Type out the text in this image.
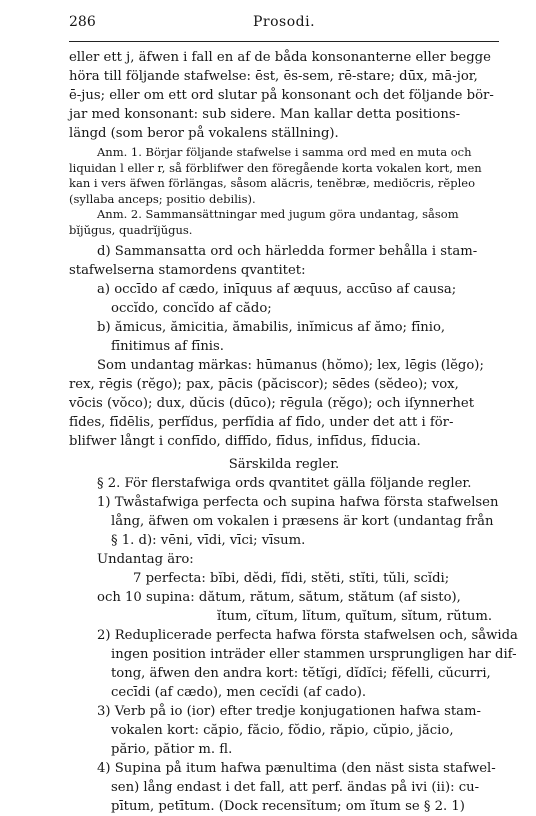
286	Prosodi.
eller ett j, äfwen i fall en af de båda konsonanterne eller begge
höra till följande stafwelse: ēst, ēs-sem, rē-stare; dūx, mā-jor,
ē-jus; eller om ett ord slutar på konsonant och det följande bör-
jar med konsonant: sub sidere. Man kallar detta positions-
längd (som beror på vokalens ställning).
Anm. 1. Börjar följande stafwelse i samma ord med en muta och
liquidan l eller r, så förblifwer den föregående korta vokalen kort, men
kan i vers äfwen förlängas, såsom alăcris, tenĕbræ, mediŏcris, rĕpleo
(syllaba anceps; positio debilis).
Anm. 2. Sammansättningar med jugum göra undantag, såsom
bĭjŭgus, quadrĭjŭgus.
d) Sammansatta ord och härledda former behålla i stam-
stafwelserna stamordens qvantitet:
a) occīdo af cædo, inīquus af æquus, accūso af causa;
occĭdo, concĭdo af cădo;
b) ămicus, ămicitia, ămabilis, inĭmicus af ămo; fīnio,
fīnitimus af fīnis.
Som undantag märkas: hūmanus (hŏmo); lex, lēgis (lĕgo);
rex, rēgis (rĕgo); pax, pācis (păciscor); sēdes (sĕdeo); vox,
vōcis (vŏco); dux, dŭcis (dūco); rēgula (rĕgo); och iſynnerhet
fīdes, fīdēlis, perfĭdus, perfĭdia af fīdo, under det att i för-
blifwer långt i confīdo, diffīdo, fīdus, infīdus, fīducia.
Särskilda regler.
§ 2. För flerstafwiga ords qvantitet gälla följande regler.
1) Twåstafwiga perfecta och supina hafwa första stafwelsen
lång, äfwen om vokalen i præsens är kort (undantag från
§ 1. d): vēni, vīdi, vīci; vīsum.
Undantag äro:
7 perfecta: bĭbi, dĕdi, fĭdi, stĕti, stĭti, tŭli, scĭdi;
och 10 supina: dătum, rătum, sătum, stătum (af sisto),
ĭtum, cĭtum, lĭtum, quĭtum, sĭtum, rŭtum.
2) Reduplicerade perfecta hafwa första stafwelsen och, såwida
ingen position inträder eller stammen ursprungligen har dif-
tong, äfwen den andra kort: tĕtĭgi, dĭdĭci; fĕfelli, cŭcurri,
cecīdi (af cædo), men cecĭdi (af cado).
3) Verb på io (ior) efter tredje konjugationen hafwa stam-
vokalen kort: căpio, făcio, fŏdio, răpio, cŭpio, jăcio,
părio, pătior m. fl.
4) Supina på itum hafwa pænultima (den näst sista stafwel-
sen) lång endast i det fall, att perf. ändas på ivi (ii): cu-
pītum, petītum. (Dock recensĭtum; om ĭtum se § 2. 1)
